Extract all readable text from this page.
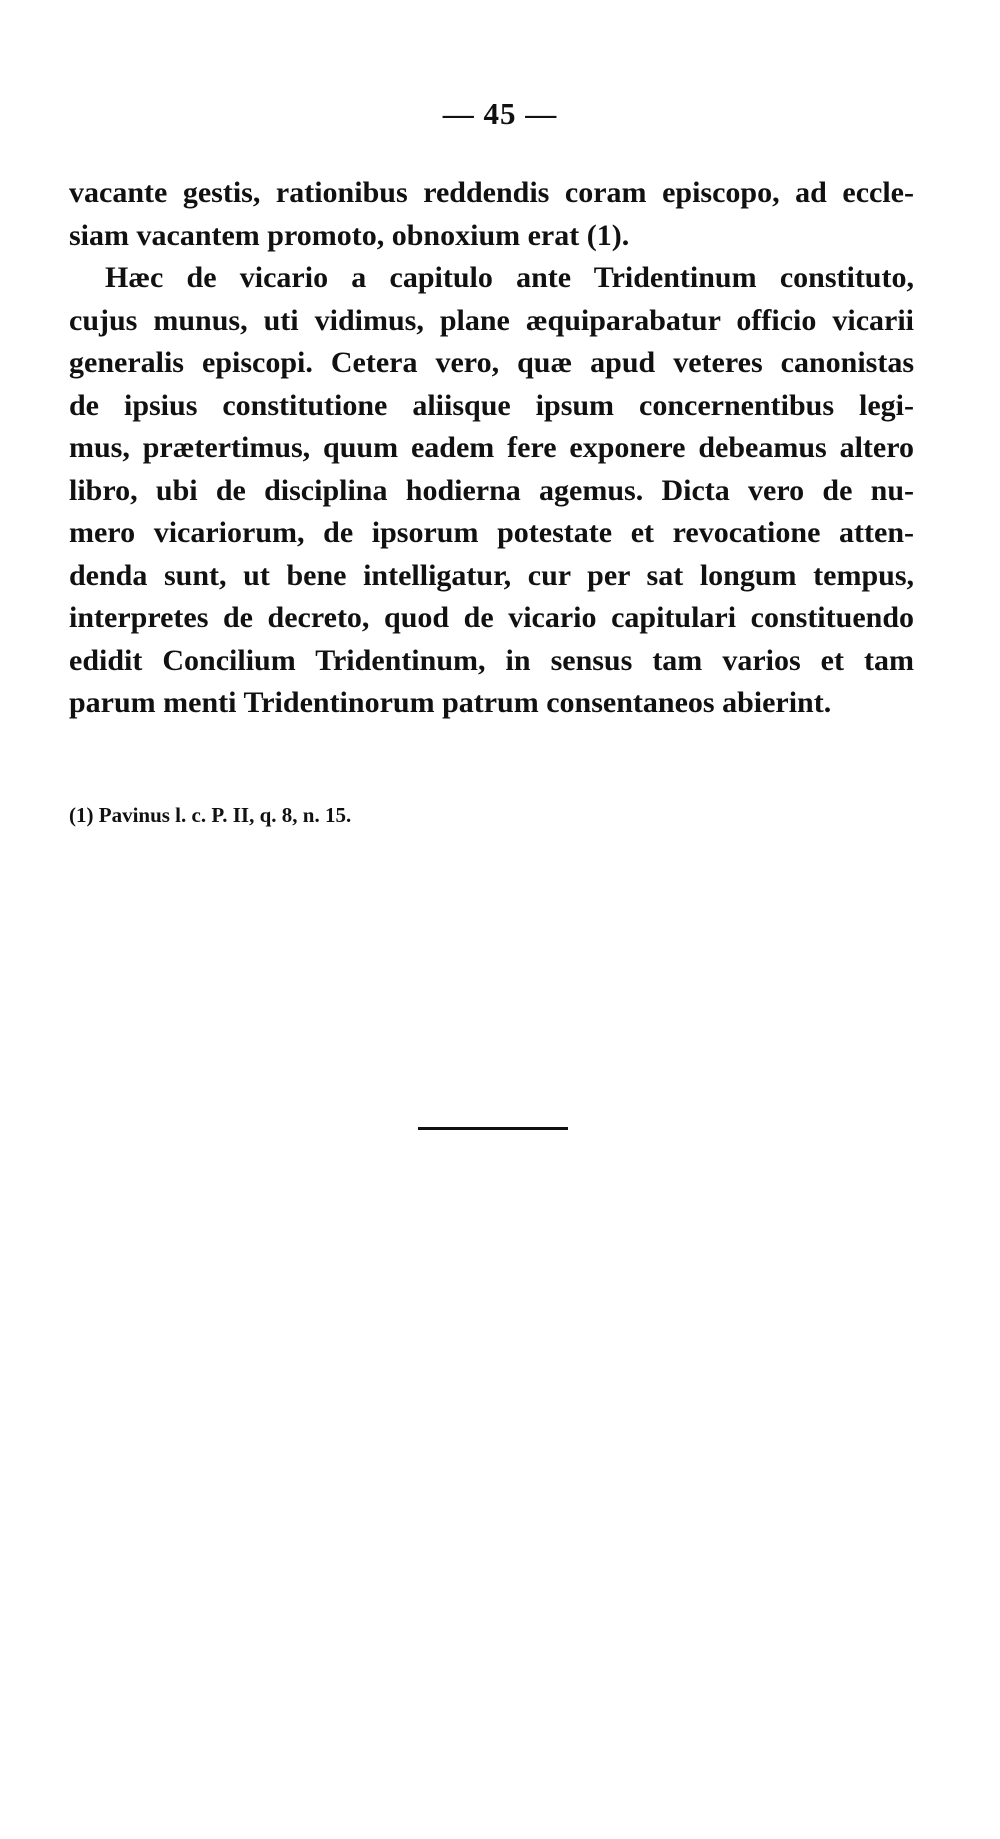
— 45 —
vacante gestis, rationibus reddendis coram episcopo, ad eccle-
siam vacantem promoto, obnoxium erat (1).
Hæc de vicario a capitulo ante Tridentinum constituto,
cujus munus, uti vidimus, plane æquiparabatur officio vicarii
generalis episcopi. Cetera vero, quæ apud veteres canonistas
de ipsius constitutione aliisque ipsum concernentibus legi-
mus, prætertimus, quum eadem fere exponere debeamus altero
libro, ubi de disciplina hodierna agemus. Dicta vero de nu-
mero vicariorum, de ipsorum potestate et revocatione atten-
denda sunt, ut bene intelligatur, cur per sat longum tempus,
interpretes de decreto, quod de vicario capitulari constituendo
edidit Concilium Tridentinum, in sensus tam varios et tam
parum menti Tridentinorum patrum consentaneos abierint.
(1) Pavinus l. c. P. II, q. 8, n. 15.
